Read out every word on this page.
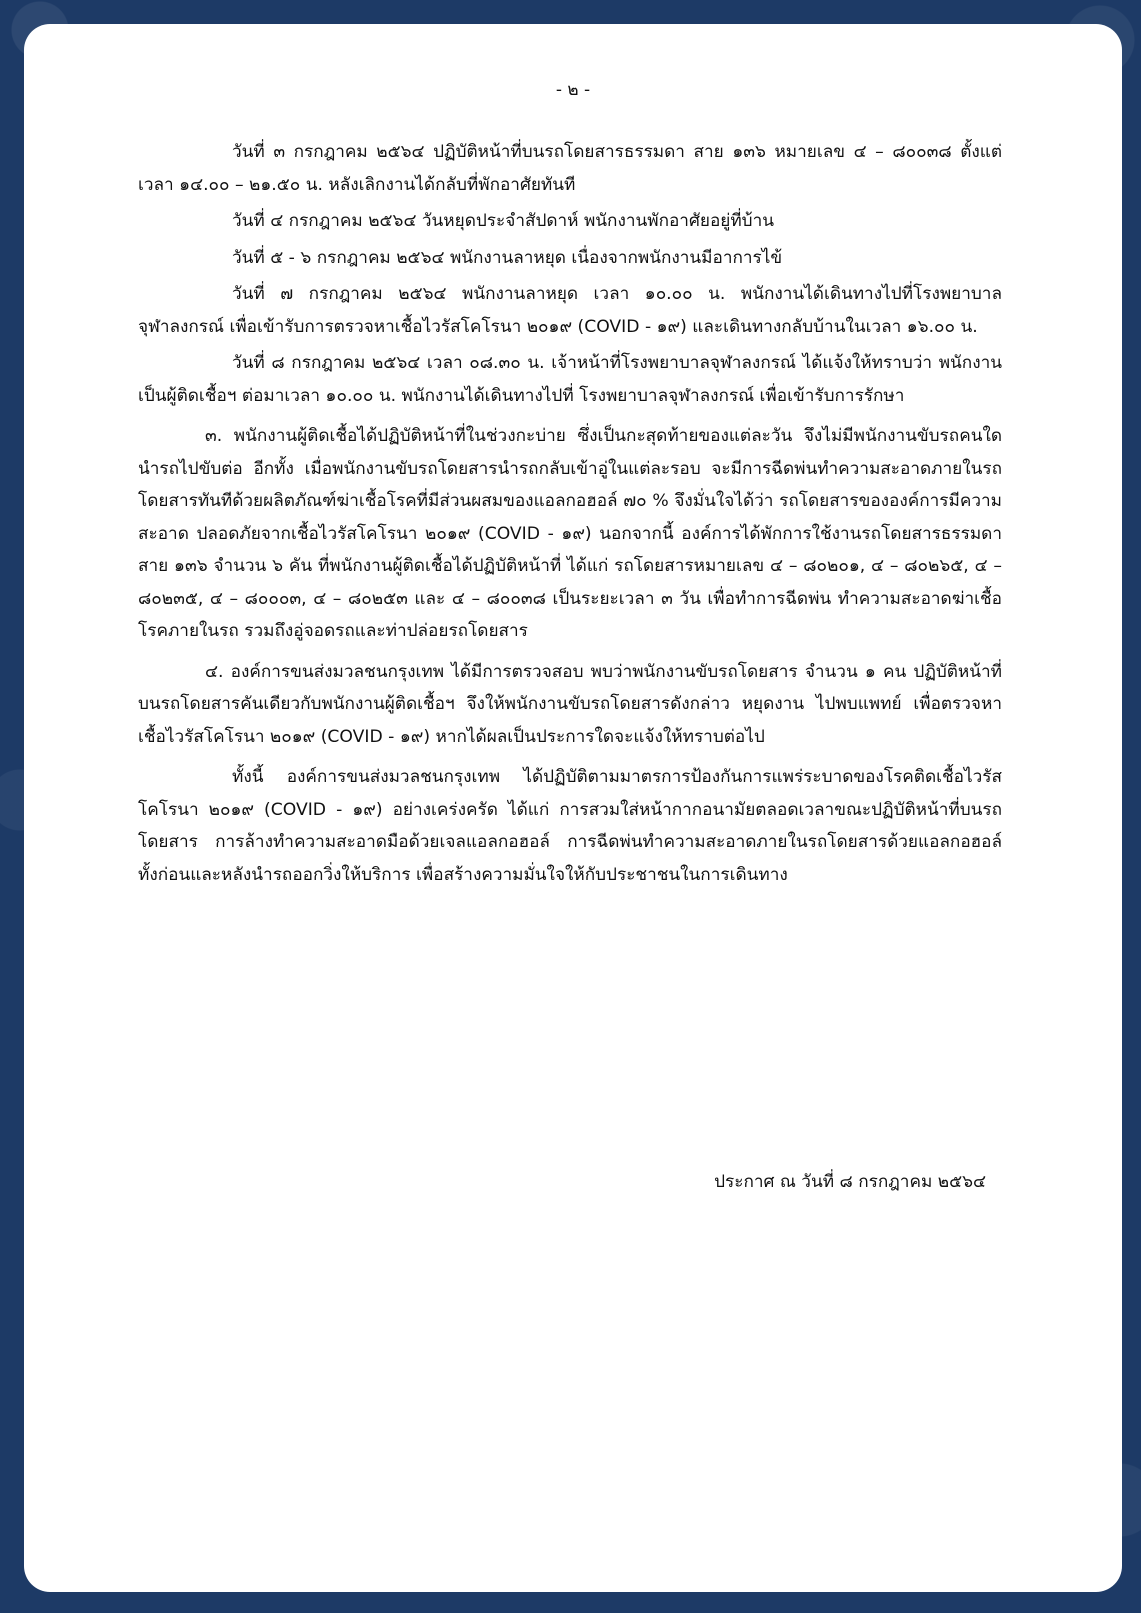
- ๒ -

วันที่ ๓ กรกฎาคม ๒๕๖๔ ปฏิบัติหน้าที่บนรถโดยสารธรรมดา สาย ๑๓๖ หมายเลข ๔ – ๘๐๐๓๘ ตั้งแต่เวลา ๑๔.๐๐ – ๒๑.๕๐ น. หลังเลิกงานได้กลับที่พักอาศัยทันที

วันที่ ๔ กรกฎาคม ๒๕๖๔ วันหยุดประจำสัปดาห์ พนักงานพักอาศัยอยู่ที่บ้าน

วันที่ ๕ - ๖ กรกฎาคม ๒๕๖๔ พนักงานลาหยุด เนื่องจากพนักงานมีอาการไข้

วันที่ ๗ กรกฎาคม ๒๕๖๔ พนักงานลาหยุด เวลา ๑๐.๐๐ น. พนักงานได้เดินทางไปที่โรงพยาบาลจุฬาลงกรณ์ เพื่อเข้ารับการตรวจหาเชื้อไวรัสโคโรนา ๒๐๑๙ (COVID - ๑๙) และเดินทางกลับบ้านในเวลา ๑๖.๐๐ น.

วันที่ ๘ กรกฎาคม ๒๕๖๔ เวลา ๐๘.๓๐ น. เจ้าหน้าที่โรงพยาบาลจุฬาลงกรณ์ ได้แจ้งให้ทราบว่า พนักงานเป็นผู้ติดเชื้อฯ ต่อมาเวลา ๑๐.๐๐ น. พนักงานได้เดินทางไปที่ โรงพยาบาลจุฬาลงกรณ์ เพื่อเข้ารับการรักษา

๓. พนักงานผู้ติดเชื้อได้ปฏิบัติหน้าที่ในช่วงกะบ่าย ซึ่งเป็นกะสุดท้ายของแต่ละวัน จึงไม่มีพนักงานขับรถคนใดนำรถไปขับต่อ อีกทั้ง เมื่อพนักงานขับรถโดยสารนำรถกลับเข้าอู่ในแต่ละรอบ จะมีการฉีดพ่นทำความสะอาดภายในรถโดยสารทันทีด้วยผลิตภัณฑ์ฆ่าเชื้อโรคที่มีส่วนผสมของแอลกอฮอล์ ๗๐ % จึงมั่นใจได้ว่า รถโดยสารขององค์การมีความสะอาด ปลอดภัยจากเชื้อไวรัสโคโรนา ๒๐๑๙ (COVID - ๑๙) นอกจากนี้ องค์การได้พักการใช้งานรถโดยสารธรรมดา สาย ๑๓๖ จำนวน ๖ คัน ที่พนักงานผู้ติดเชื้อได้ปฏิบัติหน้าที่ ได้แก่ รถโดยสารหมายเลข ๔ – ๘๐๒๐๑, ๔ – ๘๐๒๖๕, ๔ – ๘๐๒๓๕, ๔ – ๘๐๐๐๓, ๔ – ๘๐๒๕๓ และ ๔ – ๘๐๐๓๘ เป็นระยะเวลา ๓ วัน เพื่อทำการฉีดพ่น ทำความสะอาดฆ่าเชื้อโรคภายในรถ รวมถึงอู่จอดรถและท่าปล่อยรถโดยสาร

๔. องค์การขนส่งมวลชนกรุงเทพ ได้มีการตรวจสอบ พบว่าพนักงานขับรถโดยสาร จำนวน ๑ คน ปฏิบัติหน้าที่บนรถโดยสารคันเดียวกับพนักงานผู้ติดเชื้อฯ จึงให้พนักงานขับรถโดยสารดังกล่าว หยุดงาน ไปพบแพทย์ เพื่อตรวจหาเชื้อไวรัสโคโรนา ๒๐๑๙ (COVID - ๑๙) หากได้ผลเป็นประการใดจะแจ้งให้ทราบต่อไป

ทั้งนี้ องค์การขนส่งมวลชนกรุงเทพ ได้ปฏิบัติตามมาตรการป้องกันการแพร่ระบาดของโรคติดเชื้อไวรัสโคโรนา ๒๐๑๙ (COVID - ๑๙) อย่างเคร่งครัด ได้แก่ การสวมใส่หน้ากากอนามัยตลอดเวลาขณะปฏิบัติหน้าที่บนรถโดยสาร การล้างทำความสะอาดมือด้วยเจลแอลกอฮอล์ การฉีดพ่นทำความสะอาดภายในรถโดยสารด้วยแอลกอฮอล์ ทั้งก่อนและหลังนำรถออกวิ่งให้บริการ เพื่อสร้างความมั่นใจให้กับประชาชนในการเดินทาง

ประกาศ ณ วันที่ ๘ กรกฎาคม ๒๕๖๔
